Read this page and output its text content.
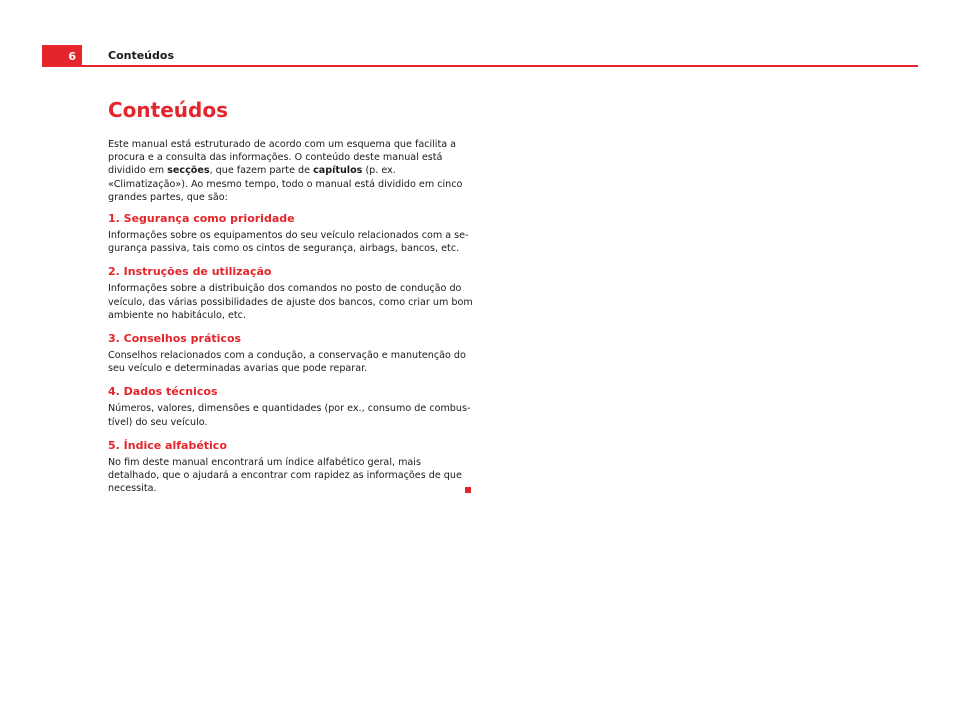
6	Conteúdos
Conteúdos

Este manual está estruturado de acordo com um esquema que facilita a procura e a consulta das informações. O conteúdo deste manual está dividido em secções, que fazem parte de capítulos (p. ex. «Climatização»). Ao mesmo tempo, todo o manual está dividido em cinco grandes partes, que são:

1. Segurança como prioridade

Informações sobre os equipamentos do seu veículo relacionados com a segurança passiva, tais como os cintos de segurança, airbags, bancos, etc.

2. Instruções de utilização

Informações sobre a distribuição dos comandos no posto de condução do veículo, das várias possibilidades de ajuste dos bancos, como criar um bom ambiente no habitáculo, etc.

3. Conselhos práticos

Conselhos relacionados com a condução, a conservação e manutenção do seu veículo e determinadas avarias que pode reparar.

4. Dados técnicos

Números, valores, dimensões e quantidades (por ex., consumo de combustível) do seu veículo.

5. Índice alfabético

No fim deste manual encontrará um índice alfabético geral, mais detalhado, que o ajudará a encontrar com rapidez as informações de que necessita.
